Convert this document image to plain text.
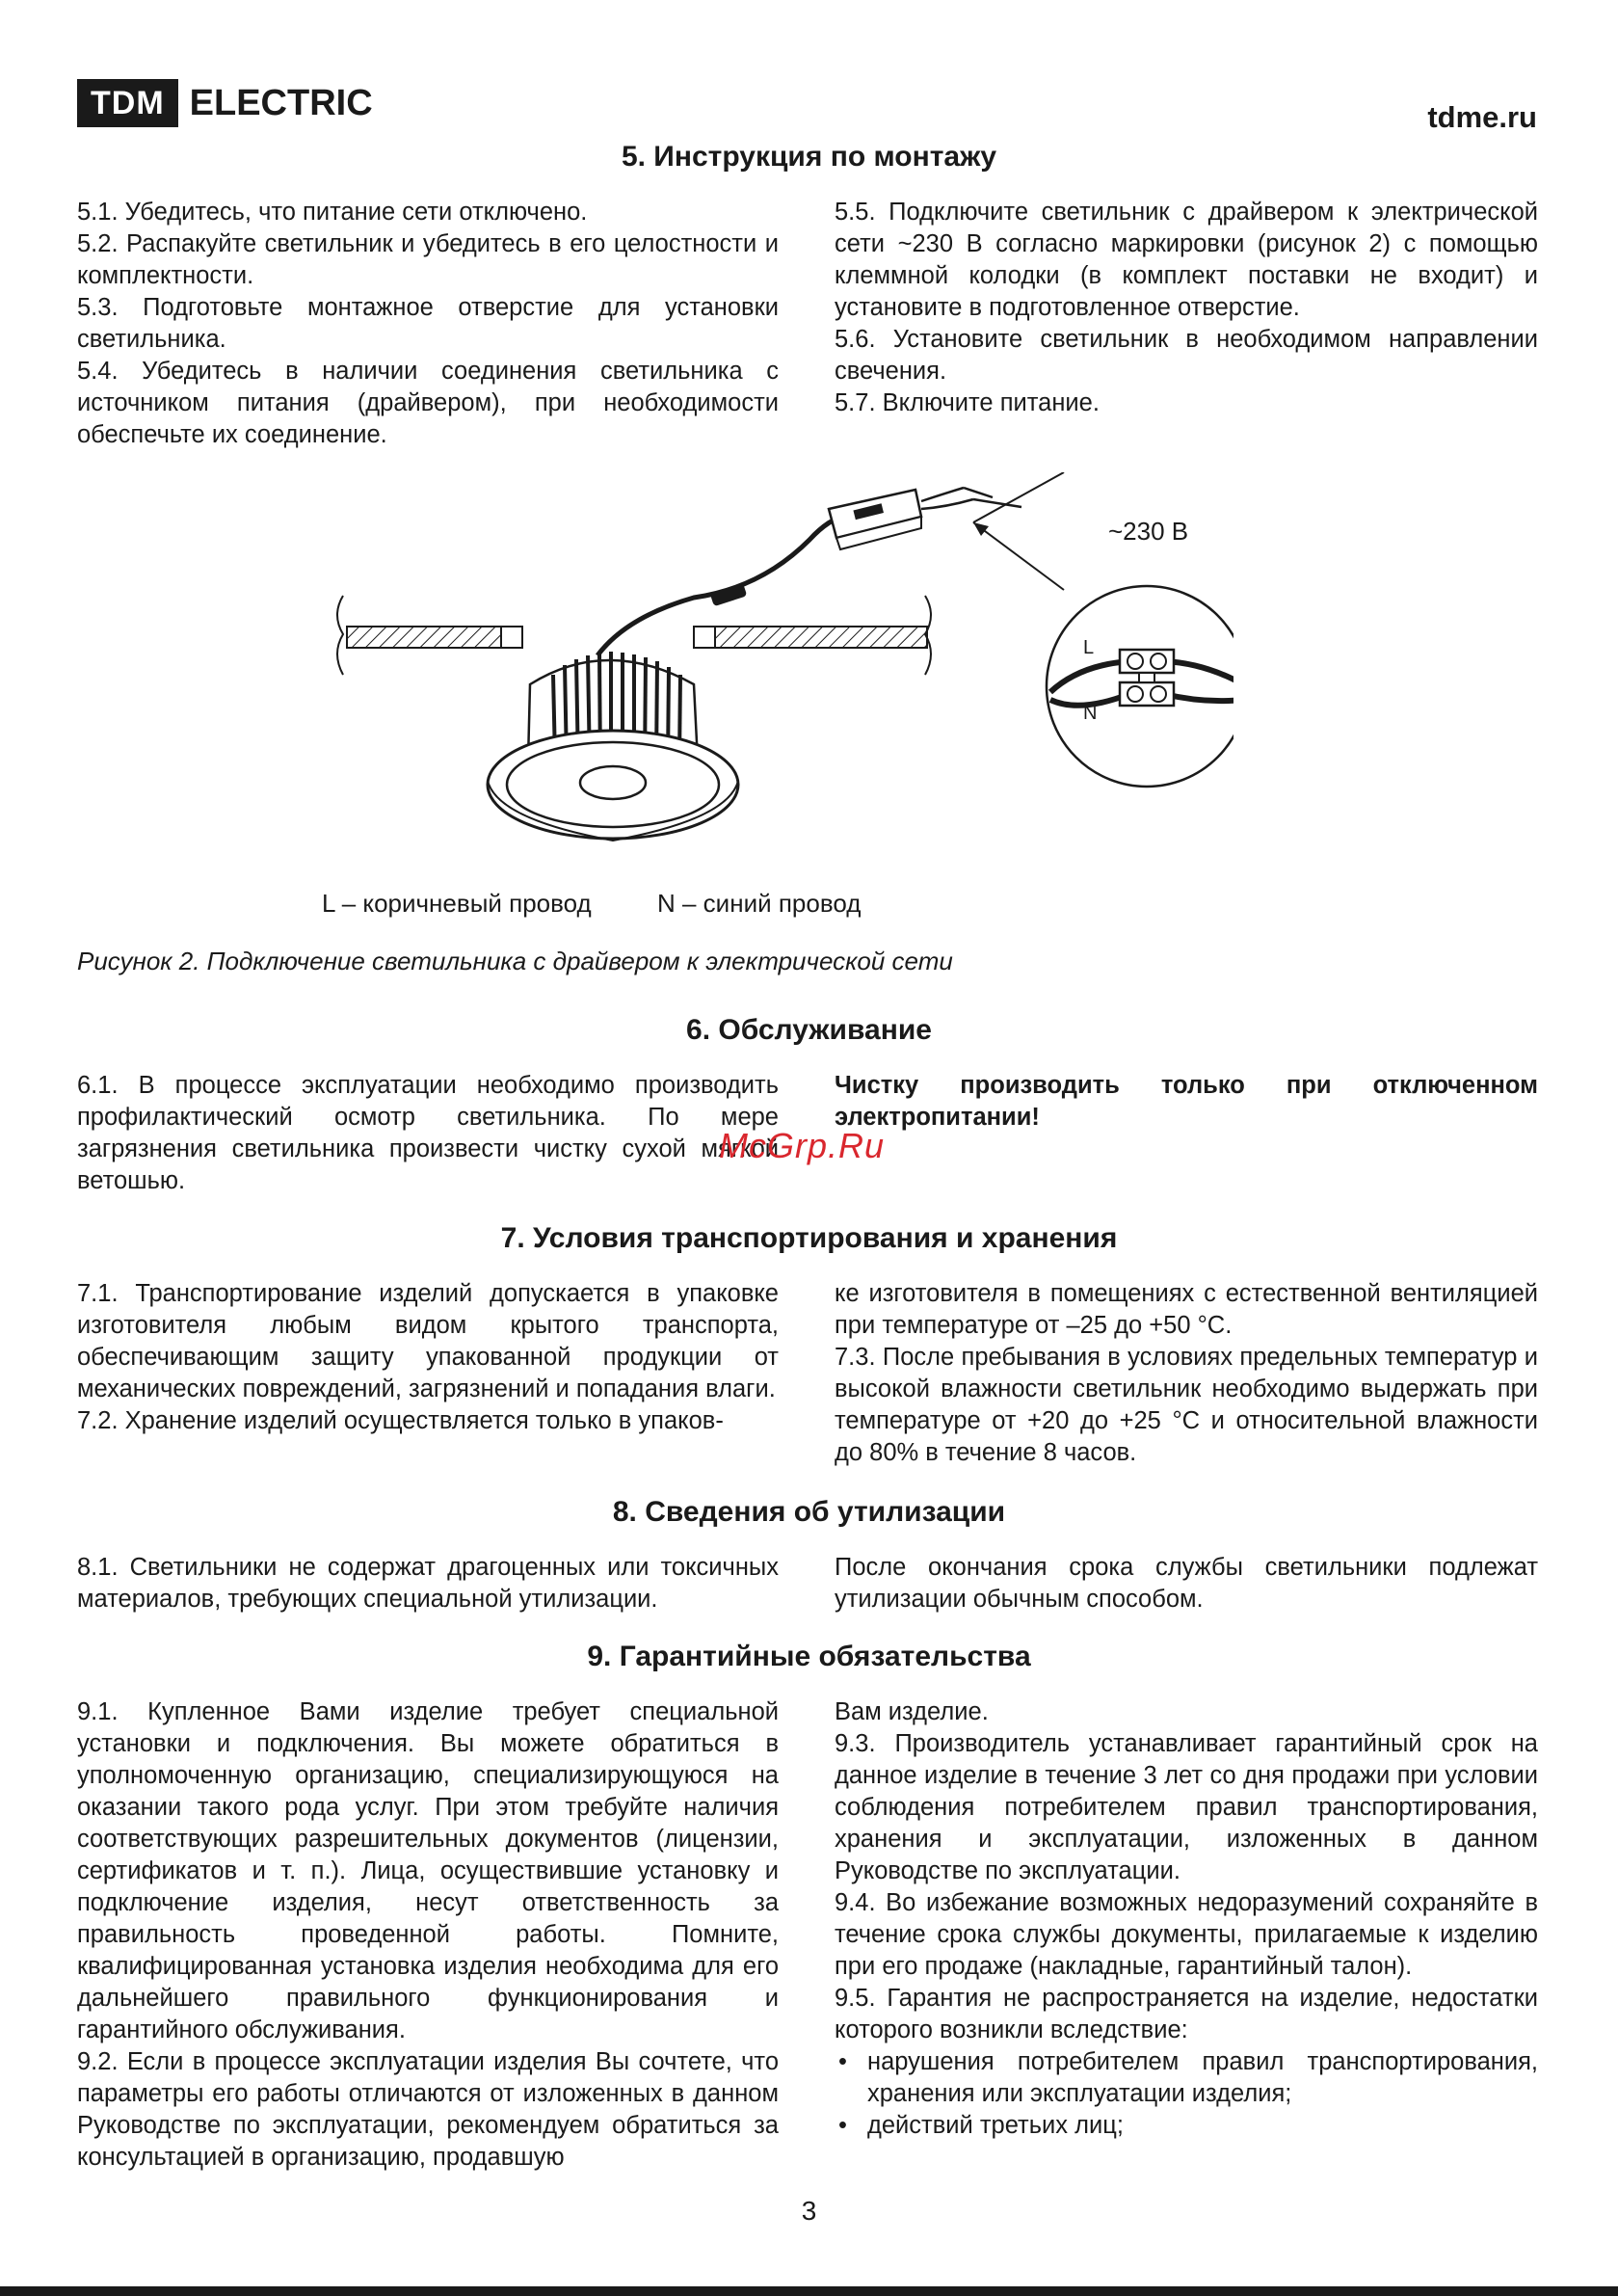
TDM ELECTRIC	tdme.ru
5. Инструкция по монтажу

5.1. Убедитесь, что питание сети отключено.

5.2. Распакуйте светильник и убедитесь в его целостности и комплектности.

5.3. Подготовьте монтажное отверстие для установки светильника.

5.4. Убедитесь в наличии соединения светильника с источником питания (драйвером), при необходимости обеспечьте их соединение.

5.5. Подключите светильник с драйвером к электрической сети ~230 В согласно маркировки (рисунок 2) с помощью клеммной колодки (в комплект поставки не входит) и установите в подготовленное отверстие.

5.6. Установите светильник в необходимом направлении свечения.

5.7. Включите питание.

~230 В
L
N
L – коричневый провод	N – синий провод
Рисунок 2. Подключение светильника с драйвером к электрической сети
6. Обслуживание

6.1. В процессе эксплуатации необходимо производить профилактический осмотр светильника. По мере загрязнения светильника произвести чистку сухой мягкой ветошью.

Чистку производить только при отключенном электропитании!

McGrp.Ru
7. Условия транспортирования и хранения

7.1. Транспортирование изделий допускается в упаковке изготовителя любым видом крытого транспорта, обеспечивающим защиту упакованной продукции от механических повреждений, загрязнений и попадания влаги.

7.2. Хранение изделий осуществляется только в упаков-

ке изготовителя в помещениях с естественной вентиляцией при температуре от –25 до +50 °С.

7.3. После пребывания в условиях предельных температур и высокой влажности светильник необходимо выдержать при температуре от +20 до +25 °С и относительной влажности до 80% в течение 8 часов.

8. Сведения об утилизации

8.1. Светильники не содержат драгоценных или токсичных материалов, требующих специальной утилизации.

После окончания срока службы светильники подлежат утилизации обычным способом.

9. Гарантийные обязательства

9.1. Купленное Вами изделие требует специальной установки и подключения. Вы можете обратиться в уполномоченную организацию, специализирующуюся на оказании такого рода услуг. При этом требуйте наличия соответствующих разрешительных документов (лицензии, сертификатов и т. п.). Лица, осуществившие установку и подключение изделия, несут ответственность за правильность проведенной работы. Помните, квалифицированная установка изделия необходима для его дальнейшего правильного функционирования и гарантийного обслуживания.

9.2. Если в процессе эксплуатации изделия Вы сочтете, что параметры его работы отличаются от изложенных в данном Руководстве по эксплуатации, рекомендуем обратиться за консультацией в организацию, продавшую

Вам изделие.

9.3. Производитель устанавливает гарантийный срок на данное изделие в течение 3 лет со дня продажи при условии соблюдения потребителем правил транспортирования, хранения и эксплуатации, изложенных в данном Руководстве по эксплуатации.

9.4. Во избежание возможных недоразумений сохраняйте в течение срока службы документы, прилагаемые к изделию при его продаже (накладные, гарантийный талон).

9.5. Гарантия не распространяется на изделие, недостатки которого возникли вследствие:

• нарушения потребителем правил транспортирования, хранения или эксплуатации изделия;
• действий третьих лиц;
3
